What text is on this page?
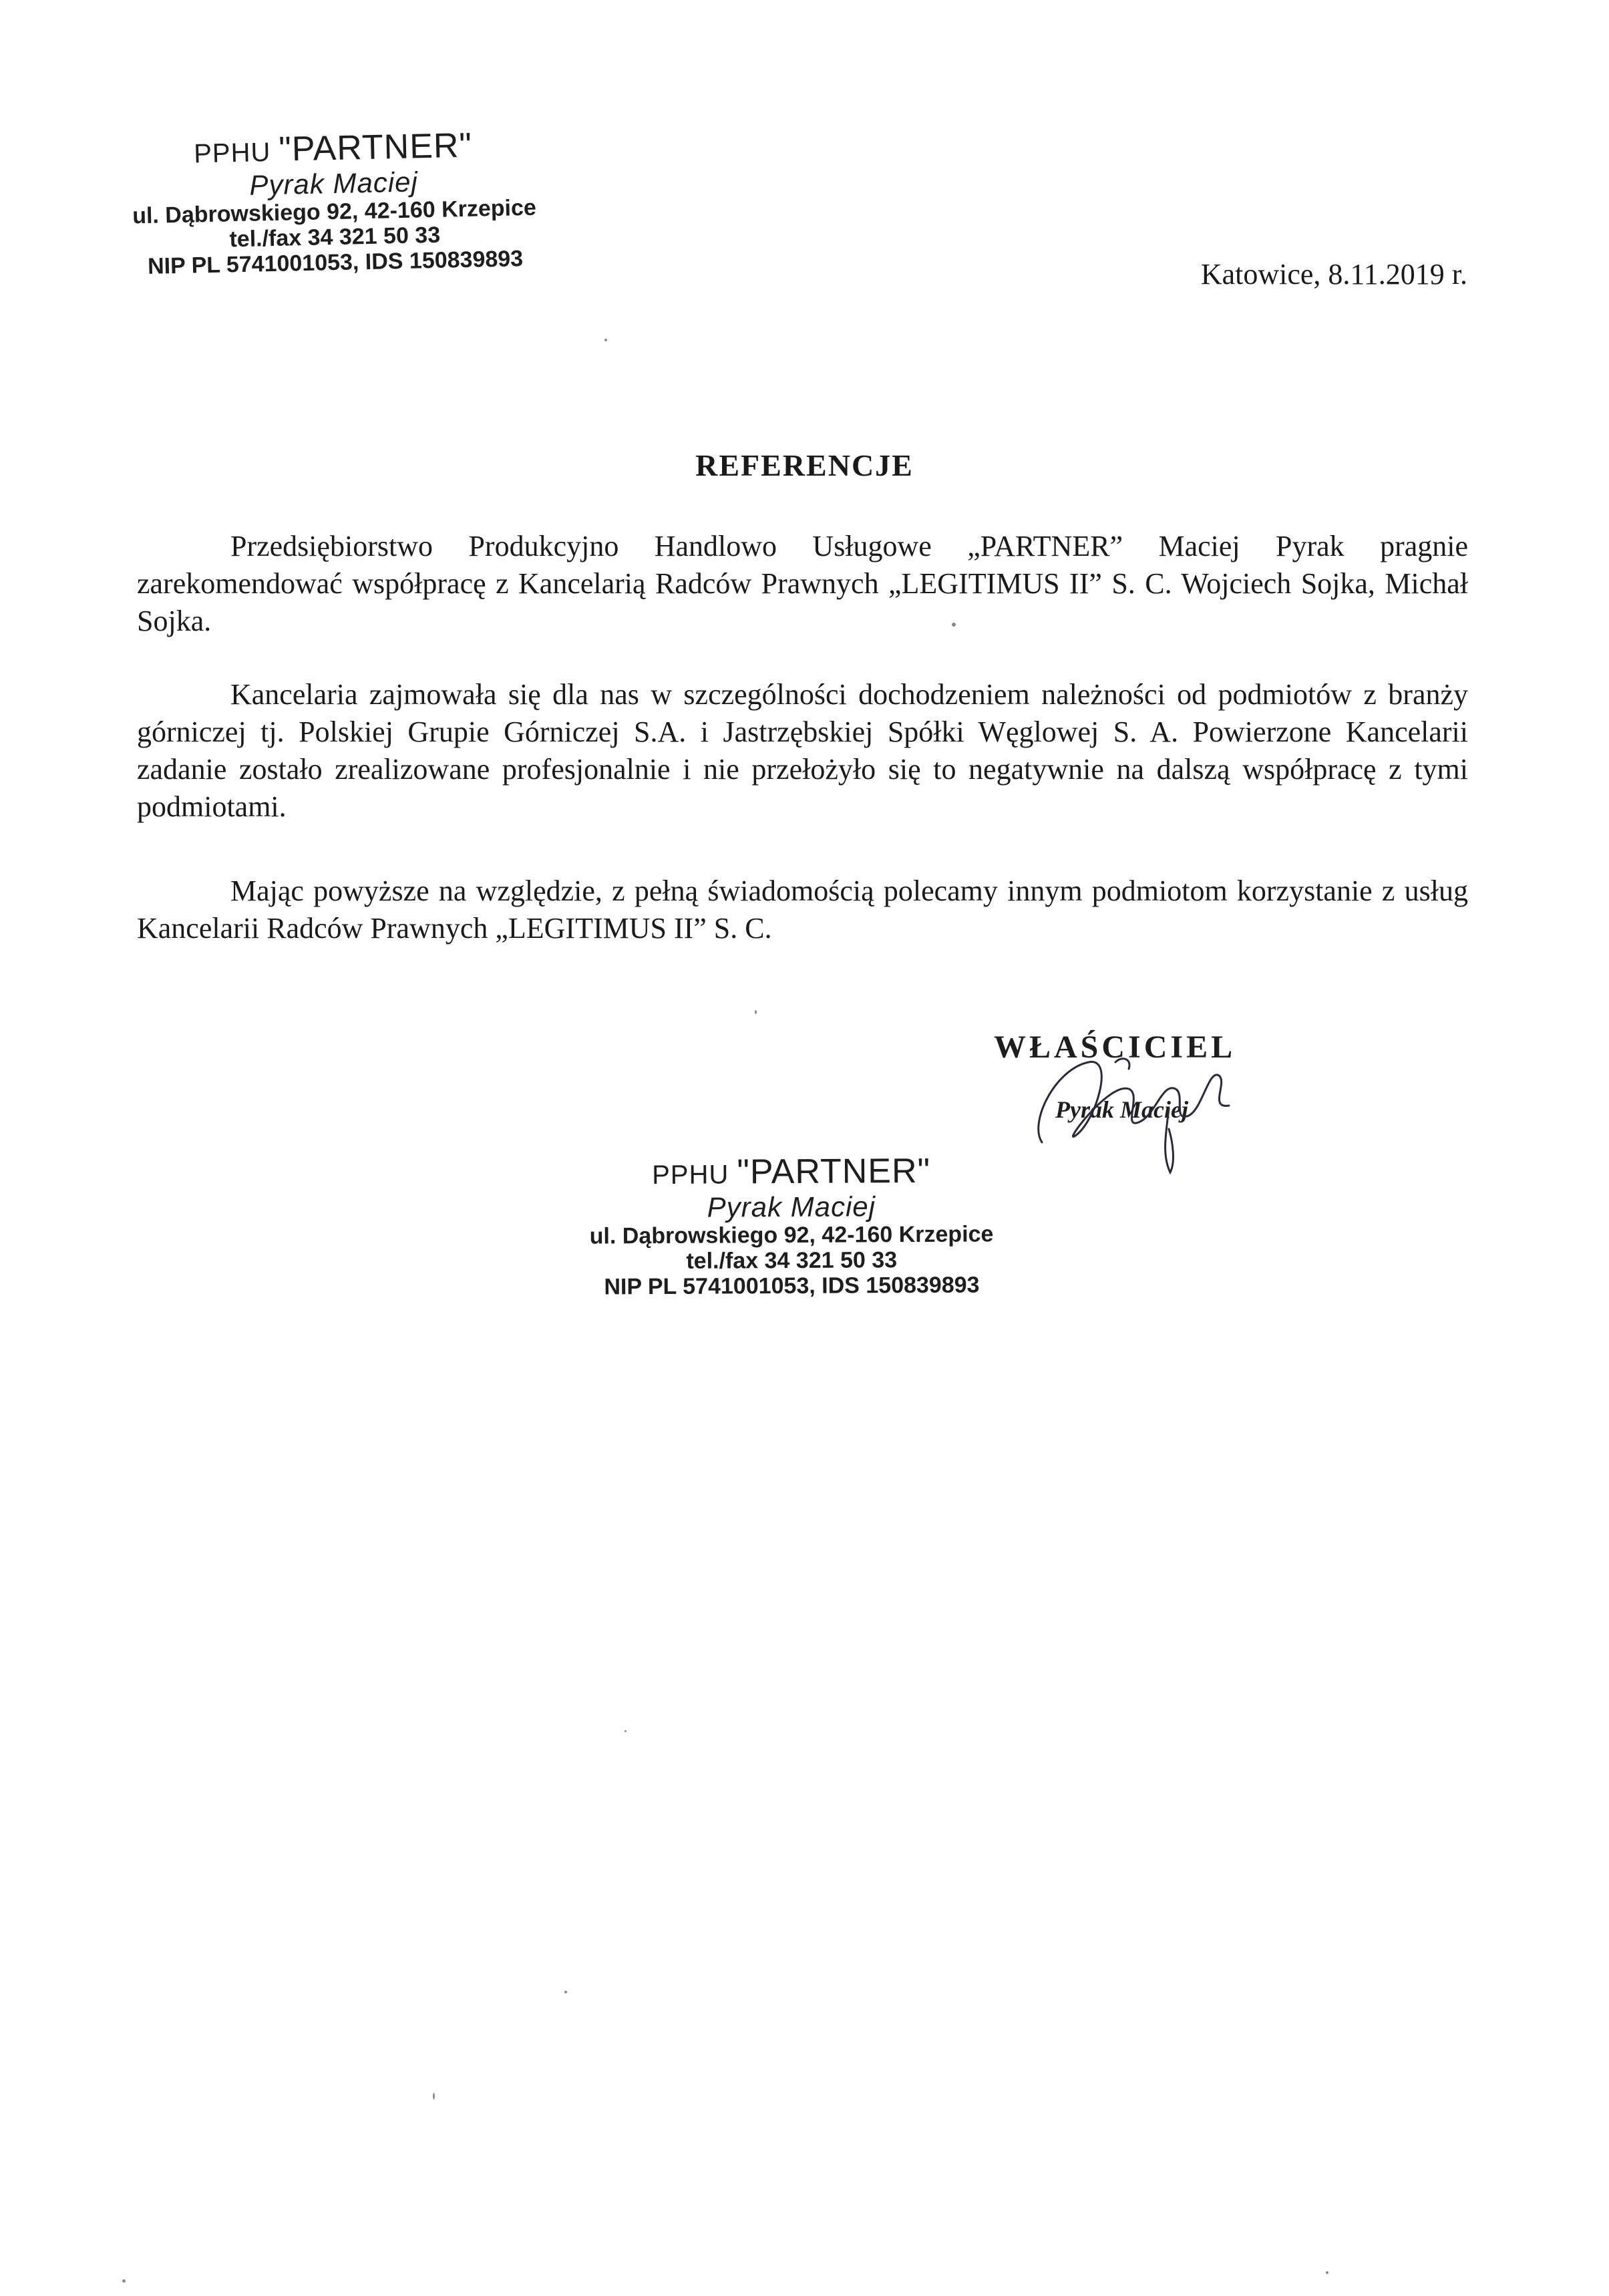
PPHU "PARTNER"
Pyrak Maciej
ul. Dąbrowskiego 92, 42-160 Krzepice
tel./fax 34 321 50 33
NIP PL 5741001053, IDS 150839893	Katowice, 8.11.2019 r.
REFERENCJE

Przedsiębiorstwo Produkcyjno Handlowo Usługowe „PARTNER” Maciej Pyrak pragnie zarekomendować współpracę z Kancelarią Radców Prawnych „LEGITIMUS II” S. C. Wojciech Sojka, Michał Sojka.

Kancelaria zajmowała się dla nas w szczególności dochodzeniem należności od podmiotów z branży górniczej tj. Polskiej Grupie Górniczej S.A. i Jastrzębskiej Spółki Węglowej S. A. Powierzone Kancelarii zadanie zostało zrealizowane profesjonalnie i nie przełożyło się to negatywnie na dalszą współpracę z tymi podmiotami.

Mając powyższe na względzie, z pełną świadomością polecamy innym podmiotom korzystanie z usług Kancelarii Radców Prawnych „LEGITIMUS II” S. C.

WŁAŚCICIEL
Pyrak Maciej
PPHU "PARTNER"
Pyrak Maciej
ul. Dąbrowskiego 92, 42-160 Krzepice
tel./fax 34 321 50 33
NIP PL 5741001053, IDS 150839893
